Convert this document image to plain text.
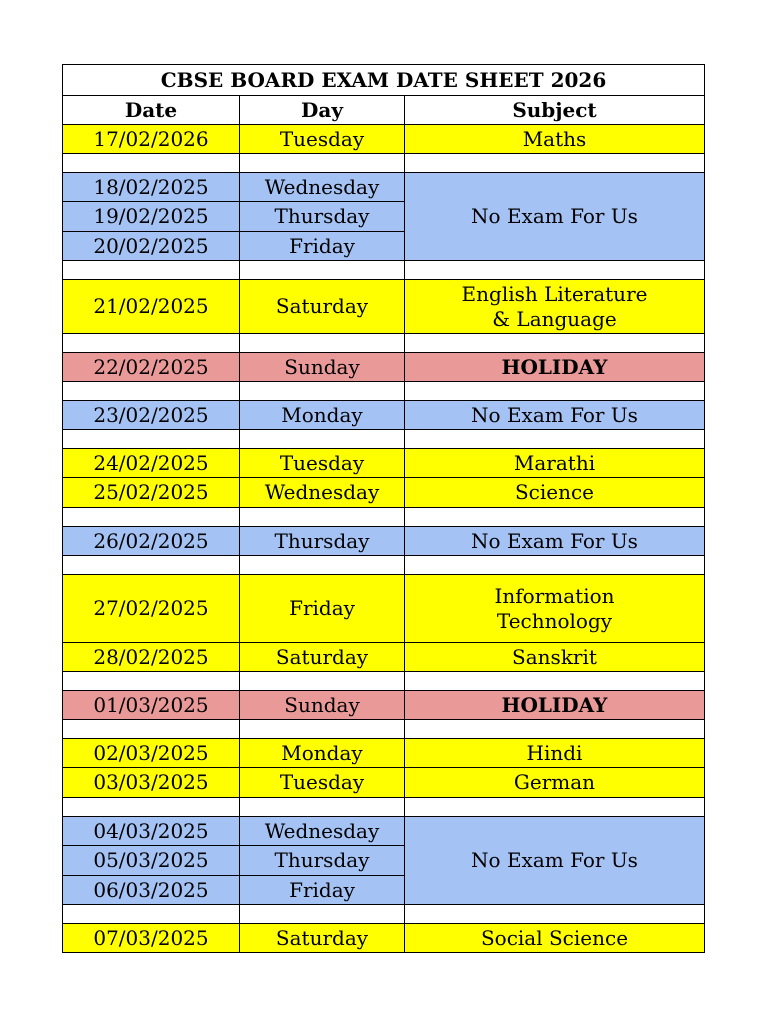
CBSE BOARD EXAM DATE SHEET 2026		
Date	Day	Subject
17/02/2026	Tuesday	Maths

18/02/2025	Wednesday	No Exam For Us
19/02/2025	Thursday	
20/02/2025	Friday	

21/02/2025	Saturday	English Literature
& Language

22/02/2025	Sunday	HOLIDAY

23/02/2025	Monday	No Exam For Us

24/02/2025	Tuesday	Marathi
25/02/2025	Wednesday	Science

26/02/2025	Thursday	No Exam For Us

27/02/2025	Friday	Information
Technology
28/02/2025	Saturday	Sanskrit

01/03/2025	Sunday	HOLIDAY

02/03/2025	Monday	Hindi
03/03/2025	Tuesday	German

04/03/2025	Wednesday	No Exam For Us
05/03/2025	Thursday	
06/03/2025	Friday	

07/03/2025	Saturday	Social Science
